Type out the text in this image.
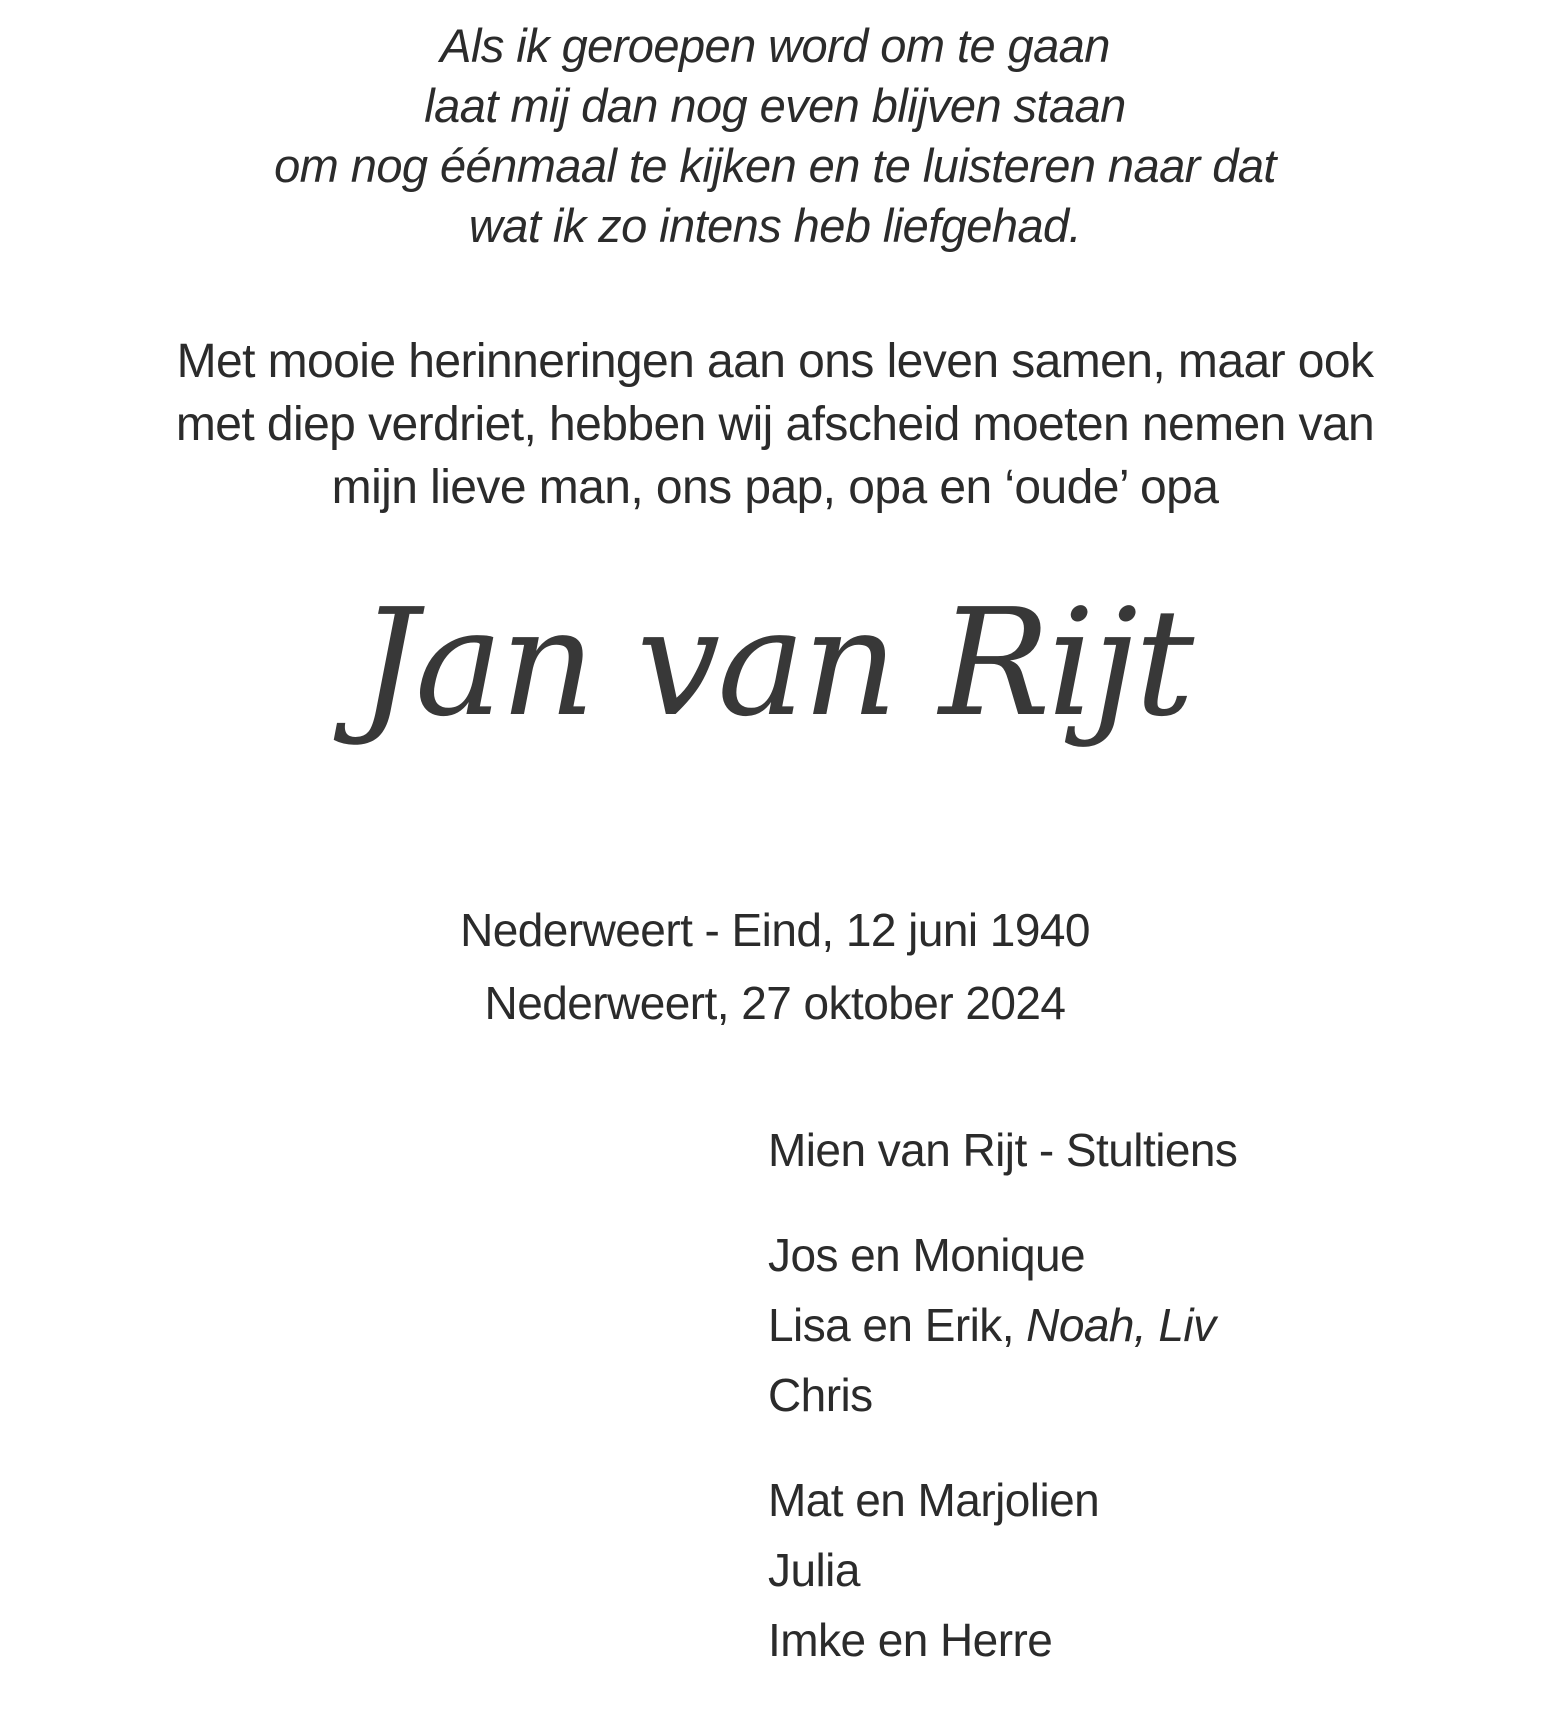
Als ik geroepen word om te gaan
laat mij dan nog even blijven staan
om nog éénmaal te kijken en te luisteren naar dat
wat ik zo intens heb liefgehad.
Met mooie herinneringen aan ons leven samen, maar ook
met diep verdriet, hebben wij afscheid moeten nemen van
mijn lieve man, ons pap, opa en ‘oude’ opa
Jan van Rijt
Nederweert - Eind, 12 juni 1940
Nederweert, 27 oktober 2024
Mien van Rijt - Stultiens
Jos en Monique
Lisa en Erik, Noah, Liv
Chris
Mat en Marjolien
Julia
Imke en Herre
